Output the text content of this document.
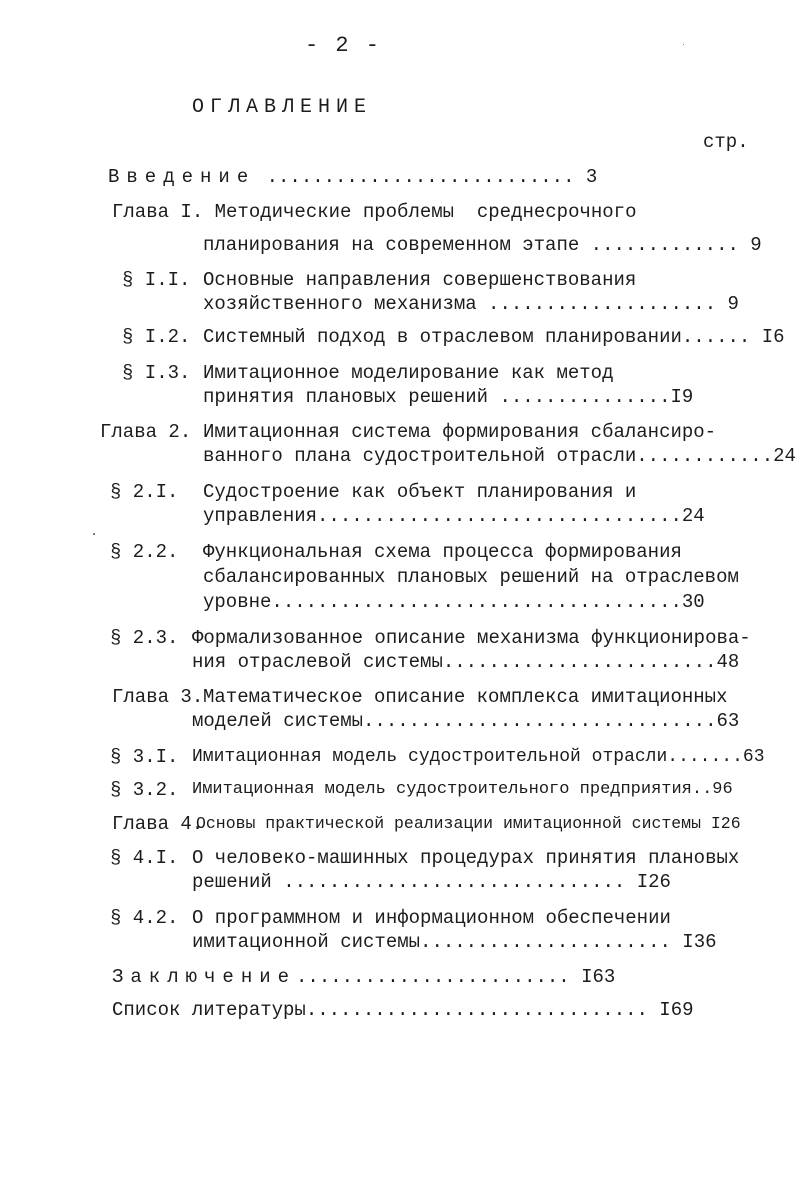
- 2 -
ОГЛАВЛЕНИЕ
стр.
Введение ........................... 3
Глава I. Методические проблемы  среднесрочного
планирования на современном этапе ............. 9
§ I.I. Основные направления совершенствования
хозяйственного механизма .................... 9
§ I.2. Системный подход в отраслевом планировании...... I6
§ I.3. Имитационное моделирование как метод
принятия плановых решений ...............I9
Глава 2. Имитационная система формирования сбалансиро-
ванного плана судостроительной отрасли............24
§ 2.I. Судостроение как объект планирования и
управления................................24
§ 2.2. Функциональная схема процесса формирования
сбалансированных плановых решений на отраслевом
уровне....................................30
§ 2.3. Формализованное описание механизма функционирова-
ния отраслевой системы........................48
Глава 3. Математическое описание комплекса имитационных
моделей системы...............................63
§ 3.I. Имитационная модель судостроительной отрасли.......63
§ 3.2. Имитационная модель судостроительного предприятия..96
Глава 4.
Основы практической реализации имитационной системы I26
§ 4.I. О человеко-машинных процедурах принятия плановых
решений .............................. I26
§ 4.2. О программном и информационном обеспечении
имитационной системы...................... I36
Заключение........................ I63
Список литературы.............................. I69
